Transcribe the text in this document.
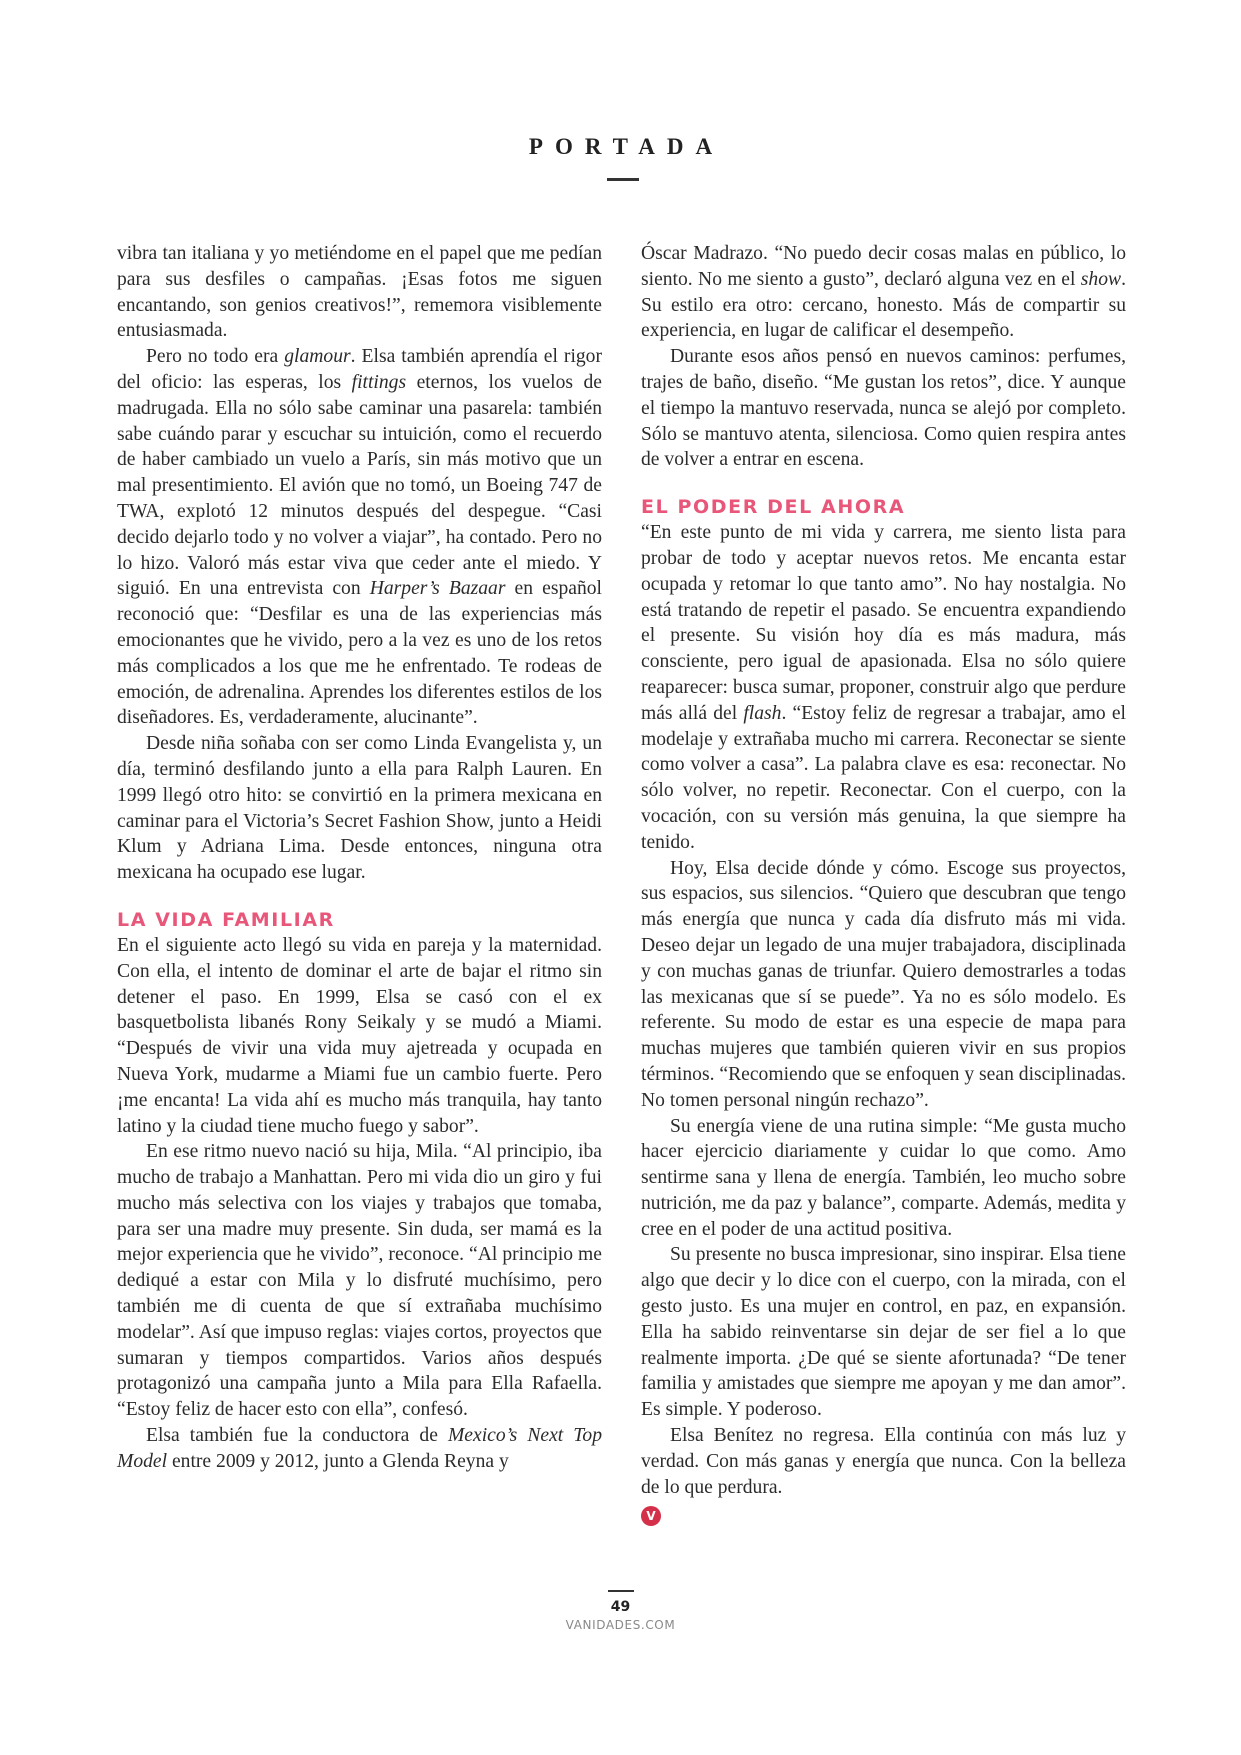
PORTADA

vibra tan italiana y yo metiéndome en el papel que me pedían para sus desfiles o campañas. ¡Esas fotos me siguen encantando, son genios creativos!”, rememora visiblemente entusiasmada.

Pero no todo era glamour. Elsa también aprendía el rigor del oficio: las esperas, los fittings eternos, los vuelos de madrugada. Ella no sólo sabe caminar una pasarela: también sabe cuándo parar y escuchar su intuición, como el recuerdo de haber cambiado un vuelo a París, sin más motivo que un mal presentimiento. El avión que no tomó, un Boeing 747 de TWA, explotó 12 minutos después del despegue. “Casi decido dejarlo todo y no volver a viajar”, ha contado. Pero no lo hizo. Valoró más estar viva que ceder ante el miedo. Y siguió. En una entrevista con Harper’s Bazaar en español reconoció que: “Desfilar es una de las experiencias más emocionantes que he vivido, pero a la vez es uno de los retos más complicados a los que me he enfrentado. Te rodeas de emoción, de adrenalina. Aprendes los diferentes estilos de los diseñadores. Es, verdaderamente, alucinante”.

Desde niña soñaba con ser como Linda Evangelista y, un día, terminó desfilando junto a ella para Ralph Lauren. En 1999 llegó otro hito: se convirtió en la primera mexicana en caminar para el Victoria’s Secret Fashion Show, junto a Heidi Klum y Adriana Lima. Desde entonces, ninguna otra mexicana ha ocupado ese lugar.

LA VIDA FAMILIAR

En el siguiente acto llegó su vida en pareja y la maternidad. Con ella, el intento de dominar el arte de bajar el ritmo sin detener el paso. En 1999, Elsa se casó con el ex basquetbolista libanés Rony Seikaly y se mudó a Miami. “Después de vivir una vida muy ajetreada y ocupada en Nueva York, mudarme a Miami fue un cambio fuerte. Pero ¡me encanta! La vida ahí es mucho más tranquila, hay tanto latino y la ciudad tiene mucho fuego y sabor”.

En ese ritmo nuevo nació su hija, Mila. “Al principio, iba mucho de trabajo a Manhattan. Pero mi vida dio un giro y fui mucho más selectiva con los viajes y trabajos que tomaba, para ser una madre muy presente. Sin duda, ser mamá es la mejor experiencia que he vivido”, reconoce. “Al principio me dediqué a estar con Mila y lo disfruté muchísimo, pero también me di cuenta de que sí extrañaba muchísimo modelar”. Así que impuso reglas: viajes cortos, proyectos que sumaran y tiempos compartidos. Varios años después protagonizó una campaña junto a Mila para Ella Rafaella. “Estoy feliz de hacer esto con ella”, confesó.

Elsa también fue la conductora de Mexico’s Next Top Model entre 2009 y 2012, junto a Glenda Reyna y

Óscar Madrazo. “No puedo decir cosas malas en público, lo siento. No me siento a gusto”, declaró alguna vez en el show. Su estilo era otro: cercano, honesto. Más de compartir su experiencia, en lugar de calificar el desempeño.

Durante esos años pensó en nuevos caminos: perfumes, trajes de baño, diseño. “Me gustan los retos”, dice. Y aunque el tiempo la mantuvo reservada, nunca se alejó por completo. Sólo se mantuvo atenta, silenciosa. Como quien respira antes de volver a entrar en escena.

EL PODER DEL AHORA

“En este punto de mi vida y carrera, me siento lista para probar de todo y aceptar nuevos retos. Me encanta estar ocupada y retomar lo que tanto amo”. No hay nostalgia. No está tratando de repetir el pasado. Se encuentra expandiendo el presente. Su visión hoy día es más madura, más consciente, pero igual de apasionada. Elsa no sólo quiere reaparecer: busca sumar, proponer, construir algo que perdure más allá del flash. “Estoy feliz de regresar a trabajar, amo el modelaje y extrañaba mucho mi carrera. Reconectar se siente como volver a casa”. La palabra clave es esa: reconectar. No sólo volver, no repetir. Reconectar. Con el cuerpo, con la vocación, con su versión más genuina, la que siempre ha tenido.

Hoy, Elsa decide dónde y cómo. Escoge sus proyectos, sus espacios, sus silencios. “Quiero que descubran que tengo más energía que nunca y cada día disfruto más mi vida. Deseo dejar un legado de una mujer trabajadora, disciplinada y con muchas ganas de triunfar. Quiero demostrarles a todas las mexicanas que sí se puede”. Ya no es sólo modelo. Es referente. Su modo de estar es una especie de mapa para muchas mujeres que también quieren vivir en sus propios términos. “Recomiendo que se enfoquen y sean disciplinadas. No tomen personal ningún rechazo”.

Su energía viene de una rutina simple: “Me gusta mucho hacer ejercicio diariamente y cuidar lo que como. Amo sentirme sana y llena de energía. También, leo mucho sobre nutrición, me da paz y balance”, comparte. Además, medita y cree en el poder de una actitud positiva.

Su presente no busca impresionar, sino inspirar. Elsa tiene algo que decir y lo dice con el cuerpo, con la mirada, con el gesto justo. Es una mujer en control, en paz, en expansión. Ella ha sabido reinventarse sin dejar de ser fiel a lo que realmente importa. ¿De qué se siente afortunada? “De tener familia y amistades que siempre me apoyan y me dan amor”. Es simple. Y poderoso.

Elsa Benítez no regresa. Ella continúa con más luz y verdad. Con más ganas y energía que nunca. Con la belleza de lo que perdura.

V
49
VANIDADES.COM
